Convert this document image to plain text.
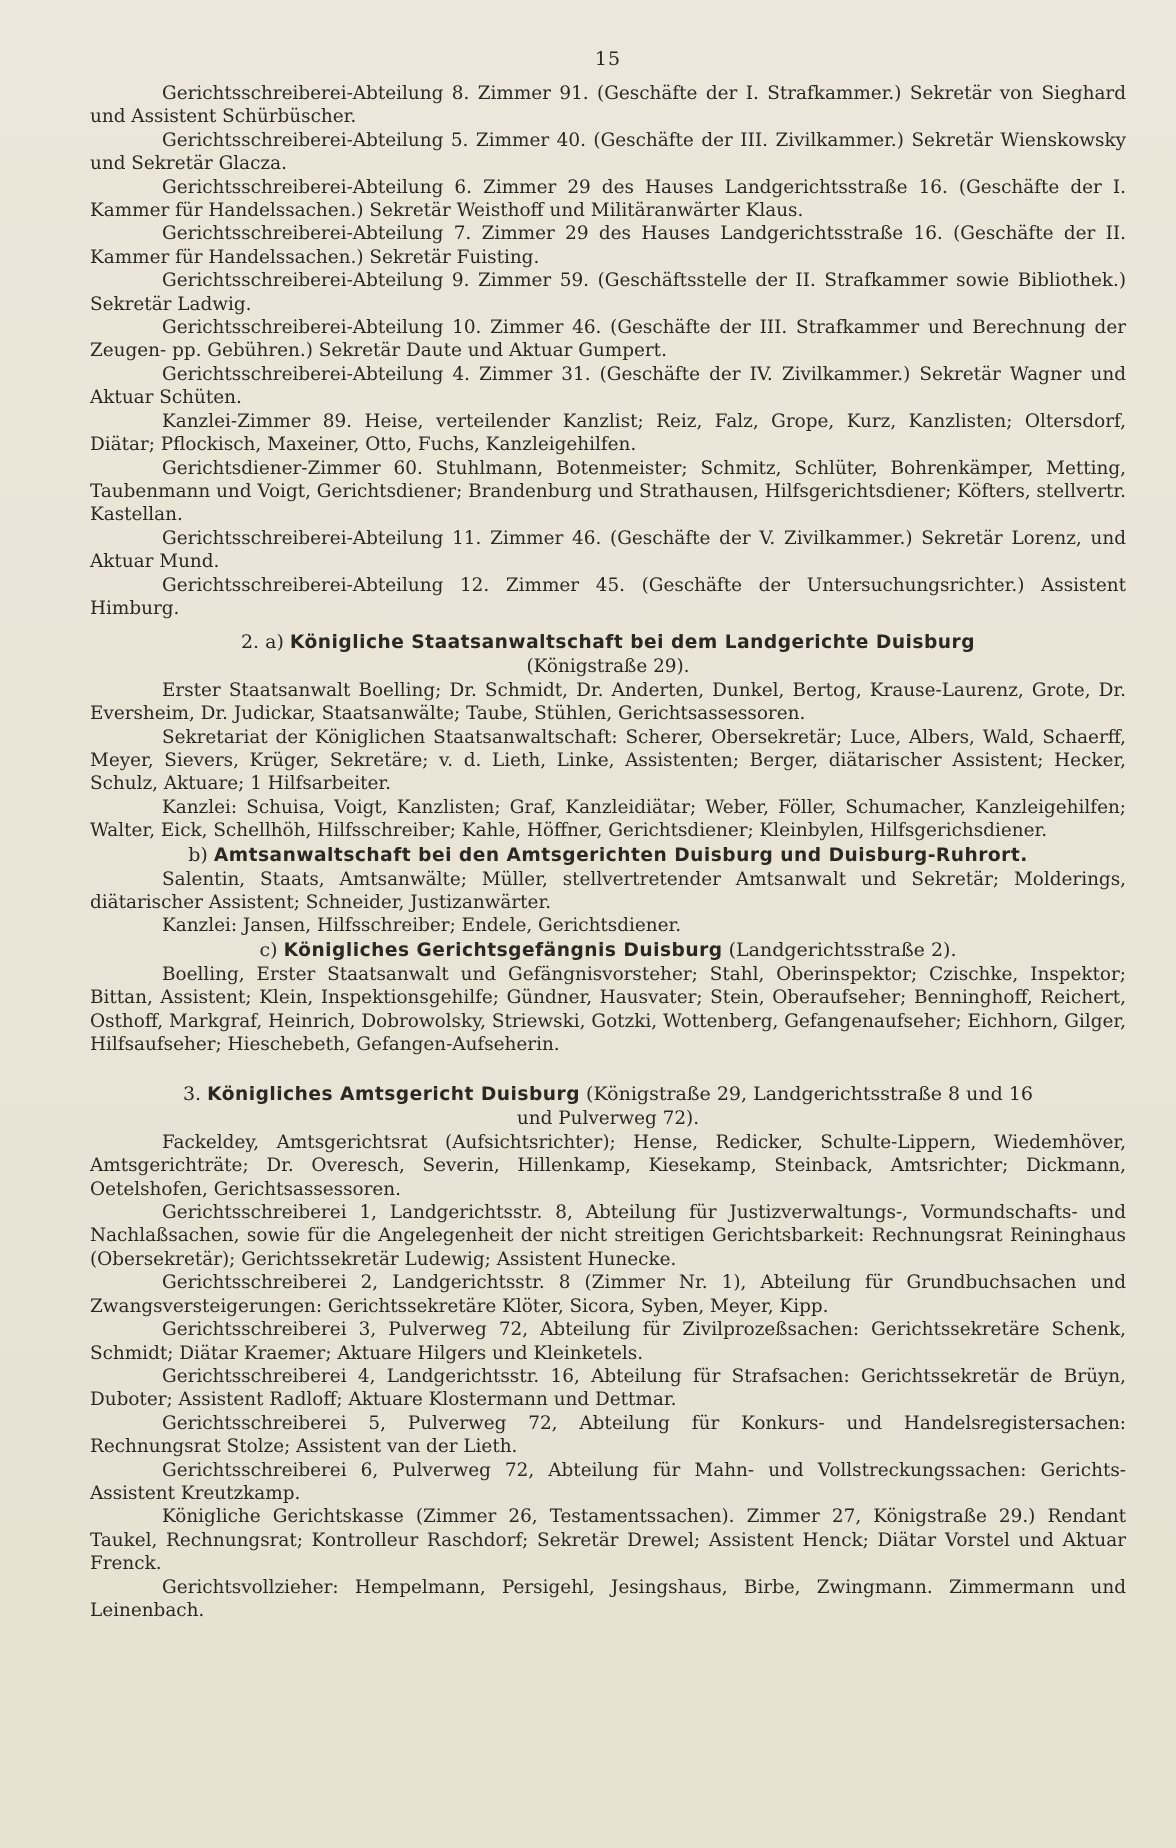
15

Gerichtsschreiberei-Abteilung 8. Zimmer 91. (Geschäfte der I. Strafkammer.) Sekretär von Sieghard und Assistent Schürbüscher.

Gerichtsschreiberei-Abteilung 5. Zimmer 40. (Geschäfte der III. Zivilkammer.) Sekretär Wienskowsky und Sekretär Glacza.

Gerichtsschreiberei-Abteilung 6. Zimmer 29 des Hauses Landgerichtsstraße 16. (Geschäfte der I. Kammer für Handelssachen.) Sekretär Weisthoff und Militäranwärter Klaus.

Gerichtsschreiberei-Abteilung 7. Zimmer 29 des Hauses Landgerichtsstraße 16. (Geschäfte der II. Kammer für Handelssachen.) Sekretär Fuisting.

Gerichtsschreiberei-Abteilung 9. Zimmer 59. (Geschäftsstelle der II. Strafkammer sowie Bibliothek.) Sekretär Ladwig.

Gerichtsschreiberei-Abteilung 10. Zimmer 46. (Geschäfte der III. Strafkammer und Berechnung der Zeugen- pp. Gebühren.) Sekretär Daute und Aktuar Gumpert.

Gerichtsschreiberei-Abteilung 4. Zimmer 31. (Geschäfte der IV. Zivilkammer.) Sekretär Wagner und Aktuar Schüten.

Kanzlei-Zimmer 89. Heise, verteilender Kanzlist; Reiz, Falz, Grope, Kurz, Kanzlisten; Oltersdorf, Diätar; Pflockisch, Maxeiner, Otto, Fuchs, Kanzleigehilfen.

Gerichtsdiener-Zimmer 60. Stuhlmann, Botenmeister; Schmitz, Schlüter, Bohrenkämper, Metting, Taubenmann und Voigt, Gerichtsdiener; Brandenburg und Strathausen, Hilfsgerichtsdiener; Köfters, stellvertr. Kastellan.

Gerichtsschreiberei-Abteilung 11. Zimmer 46. (Geschäfte der V. Zivilkammer.) Sekretär Lorenz, und Aktuar Mund.

Gerichtsschreiberei-Abteilung 12. Zimmer 45. (Geschäfte der Untersuchungsrichter.) Assistent Himburg.

2. a) Königliche Staatsanwaltschaft bei dem Landgerichte Duisburg

(Königstraße 29).

Erster Staatsanwalt Boelling; Dr. Schmidt, Dr. Anderten, Dunkel, Bertog, Krause-Laurenz, Grote, Dr. Eversheim, Dr. Judickar, Staatsanwälte; Taube, Stühlen, Gerichtsassessoren.

Sekretariat der Königlichen Staatsanwaltschaft: Scherer, Obersekretär; Luce, Albers, Wald, Schaerff, Meyer, Sievers, Krüger, Sekretäre; v. d. Lieth, Linke, Assistenten; Berger, diätarischer Assistent; Hecker, Schulz, Aktuare; 1 Hilfsarbeiter.

Kanzlei: Schuisa, Voigt, Kanzlisten; Graf, Kanzleidiätar; Weber, Föller, Schumacher, Kanzleigehilfen; Walter, Eick, Schellhöh, Hilfsschreiber; Kahle, Höffner, Gerichtsdiener; Kleinbylen, Hilfsgerichsdiener.

b) Amtsanwaltschaft bei den Amtsgerichten Duisburg und Duisburg-Ruhrort.

Salentin, Staats, Amtsanwälte; Müller, stellvertretender Amtsanwalt und Sekretär; Molderings, diätarischer Assistent; Schneider, Justizanwärter.

Kanzlei: Jansen, Hilfsschreiber; Endele, Gerichtsdiener.

c) Königliches Gerichtsgefängnis Duisburg (Landgerichtsstraße 2).

Boelling, Erster Staatsanwalt und Gefängnisvorsteher; Stahl, Oberinspektor; Czischke, Inspektor; Bittan, Assistent; Klein, Inspektionsgehilfe; Gündner, Hausvater; Stein, Oberaufseher; Benninghoff, Reichert, Osthoff, Markgraf, Heinrich, Dobrowolsky, Striewski, Gotzki, Wottenberg, Gefangenaufseher; Eichhorn, Gilger, Hilfsaufseher; Hieschebeth, Gefangen-Aufseherin.

3. Königliches Amtsgericht Duisburg (Königstraße 29, Landgerichtsstraße 8 und 16

und Pulverweg 72).

Fackeldey, Amtsgerichtsrat (Aufsichtsrichter); Hense, Redicker, Schulte-Lippern, Wiedemhöver, Amtsgerichträte; Dr. Overesch, Severin, Hillenkamp, Kiesekamp, Steinback, Amtsrichter; Dickmann, Oetelshofen, Gerichtsassessoren.

Gerichtsschreiberei 1, Landgerichtsstr. 8, Abteilung für Justizverwaltungs-, Vormundschafts- und Nachlaßsachen, sowie für die Angelegenheit der nicht streitigen Gerichtsbarkeit: Rechnungsrat Reininghaus (Obersekretär); Gerichtssekretär Ludewig; Assistent Hunecke.

Gerichtsschreiberei 2, Landgerichtsstr. 8 (Zimmer Nr. 1), Abteilung für Grundbuchsachen und Zwangsversteigerungen: Gerichtssekretäre Klöter, Sicora, Syben, Meyer, Kipp.

Gerichtsschreiberei 3, Pulverweg 72, Abteilung für Zivilprozeßsachen: Gerichtssekretäre Schenk, Schmidt; Diätar Kraemer; Aktuare Hilgers und Kleinketels.

Gerichtsschreiberei 4, Landgerichtsstr. 16, Abteilung für Strafsachen: Gerichtssekretär de Brüyn, Duboter; Assistent Radloff; Aktuare Klostermann und Dettmar.

Gerichtsschreiberei 5, Pulverweg 72, Abteilung für Konkurs- und Handelsregistersachen: Rechnungsrat Stolze; Assistent van der Lieth.

Gerichtsschreiberei 6, Pulverweg 72, Abteilung für Mahn- und Vollstreckungssachen: Gerichts-Assistent Kreutzkamp.

Königliche Gerichtskasse (Zimmer 26, Testamentssachen). Zimmer 27, Königstraße 29.) Rendant Taukel, Rechnungsrat; Kontrolleur Raschdorf; Sekretär Drewel; Assistent Henck; Diätar Vorstel und Aktuar Frenck.

Gerichtsvollzieher: Hempelmann, Persigehl, Jesingshaus, Birbe, Zwingmann. Zimmermann und Leinenbach.
